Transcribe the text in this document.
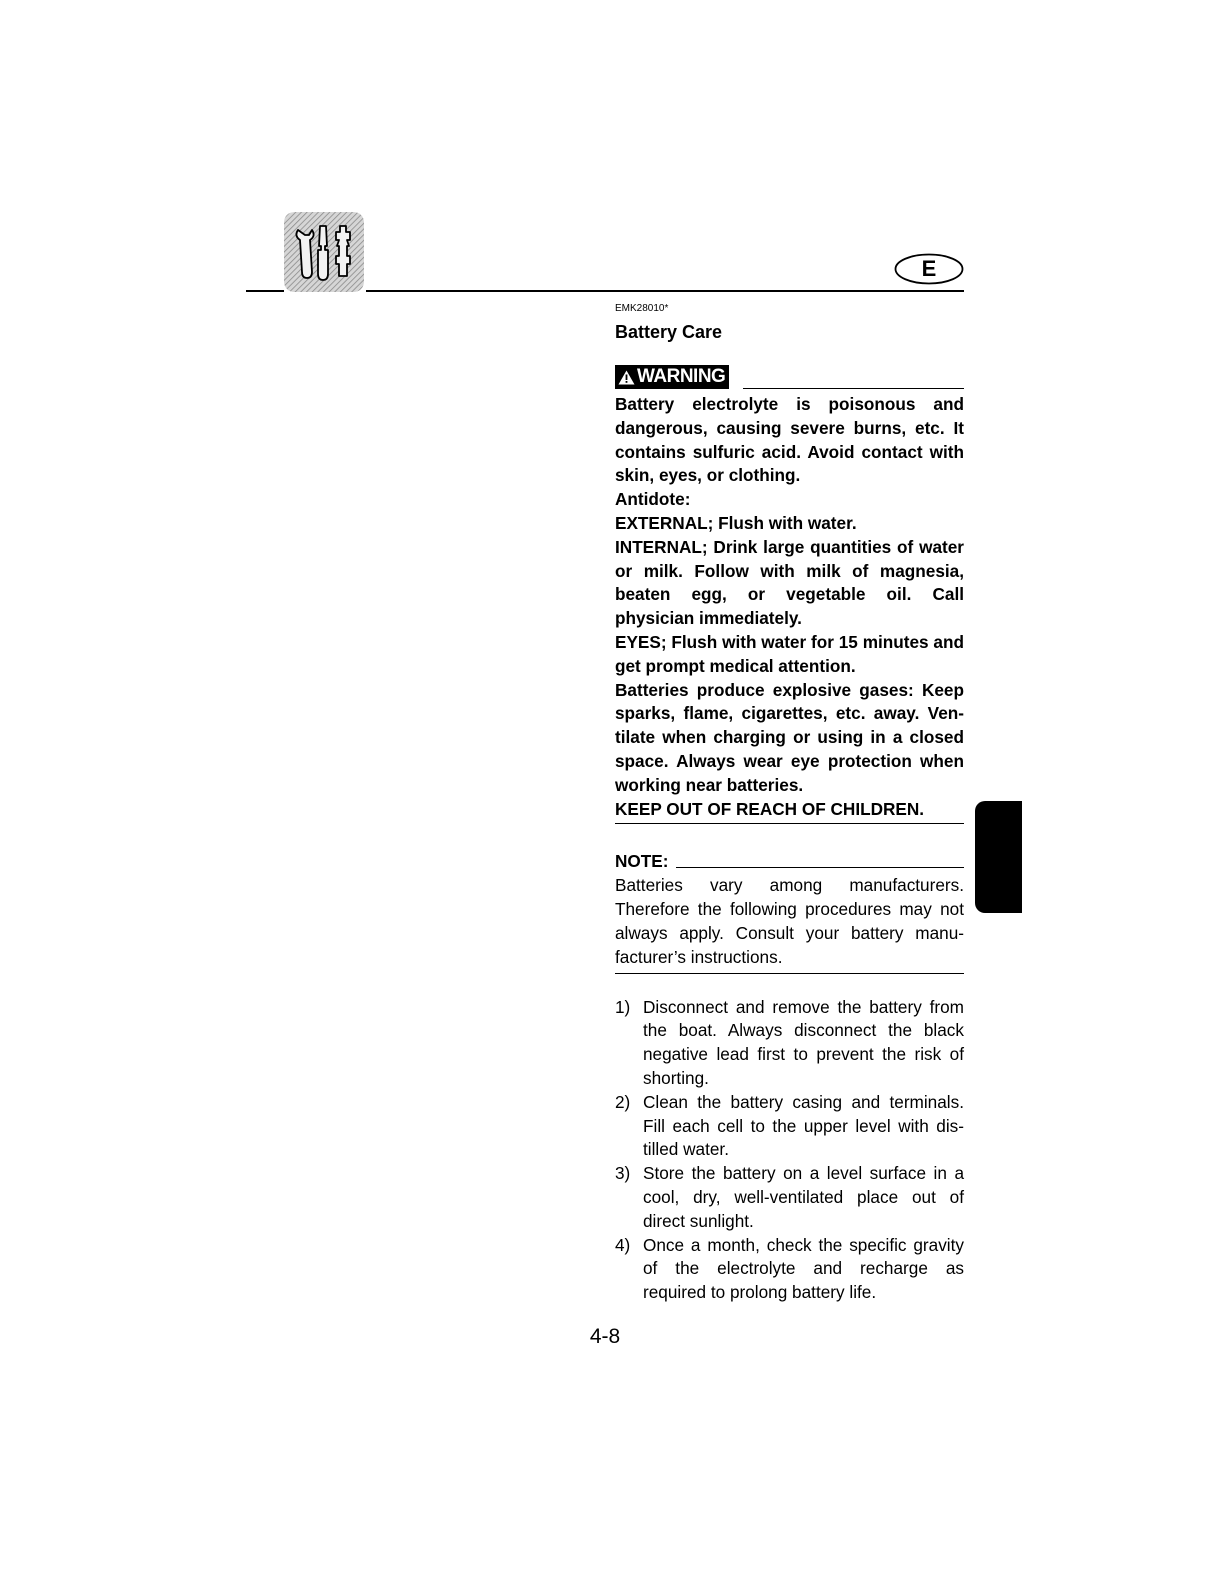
E
EMK28010*
Battery Care
WARNING

Battery electrolyte is poisonous and dangerous, causing severe burns, etc. It contains sulfuric acid. Avoid contact with skin, eyes, or clothing.

Antidote:

EXTERNAL; Flush with water.

INTERNAL; Drink large quantities of water or milk. Follow with milk of magnesia, beaten egg, or vegetable oil. Call physician immediately.

EYES; Flush with water for 15 minutes and get prompt medical attention.

Batteries produce explosive gases: Keep sparks, flame, cigarettes, etc. away. Ventilate when charging or using in a closed space. Always wear eye protection when working near batteries.

KEEP OUT OF REACH OF CHILDREN.

NOTE:

Batteries vary among manufacturers. Therefore the following procedures may not always apply. Consult your battery manufacturer’s instructions.

1) Disconnect and remove the battery from the boat. Always disconnect the black negative lead first to prevent the risk of shorting.
2) Clean the battery casing and terminals. Fill each cell to the upper level with distilled water.
3) Store the battery on a level surface in a cool, dry, well-ventilated place out of direct sunlight.
4) Once a month, check the specific gravity of the electrolyte and recharge as required to prolong battery life.
4-8
